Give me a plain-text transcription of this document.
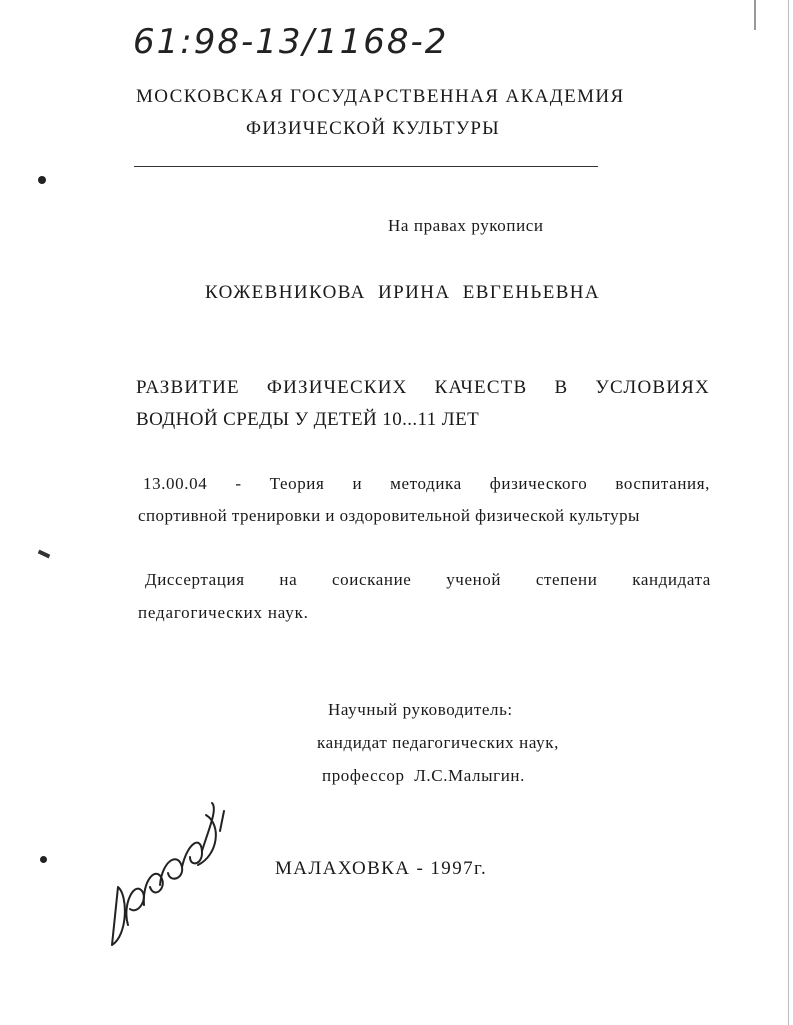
61:98-13/1168-2
МОСКОВСКАЯ ГОСУДАРСТВЕННАЯ АКАДЕМИЯ
ФИЗИЧЕСКОЙ КУЛЬТУРЫ
На правах рукописи
КОЖЕВНИКОВА ИРИНА ЕВГЕНЬЕВНА
РАЗВИТИЕ ФИЗИЧЕСКИХ КАЧЕСТВ В УСЛОВИЯХ
ВОДНОЙ СРЕДЫ У ДЕТЕЙ 10...11 ЛЕТ
13.00.04 - Теория и методика физического воспитания,
спортивной тренировки и оздоровительной физической культуры
Диссертация на соискание ученой степени кандидата
педагогических наук.
Научный руководитель:
кандидат педагогических наук,
профессор  Л.С.Малыгин.
МАЛАХОВКА - 1997г.
